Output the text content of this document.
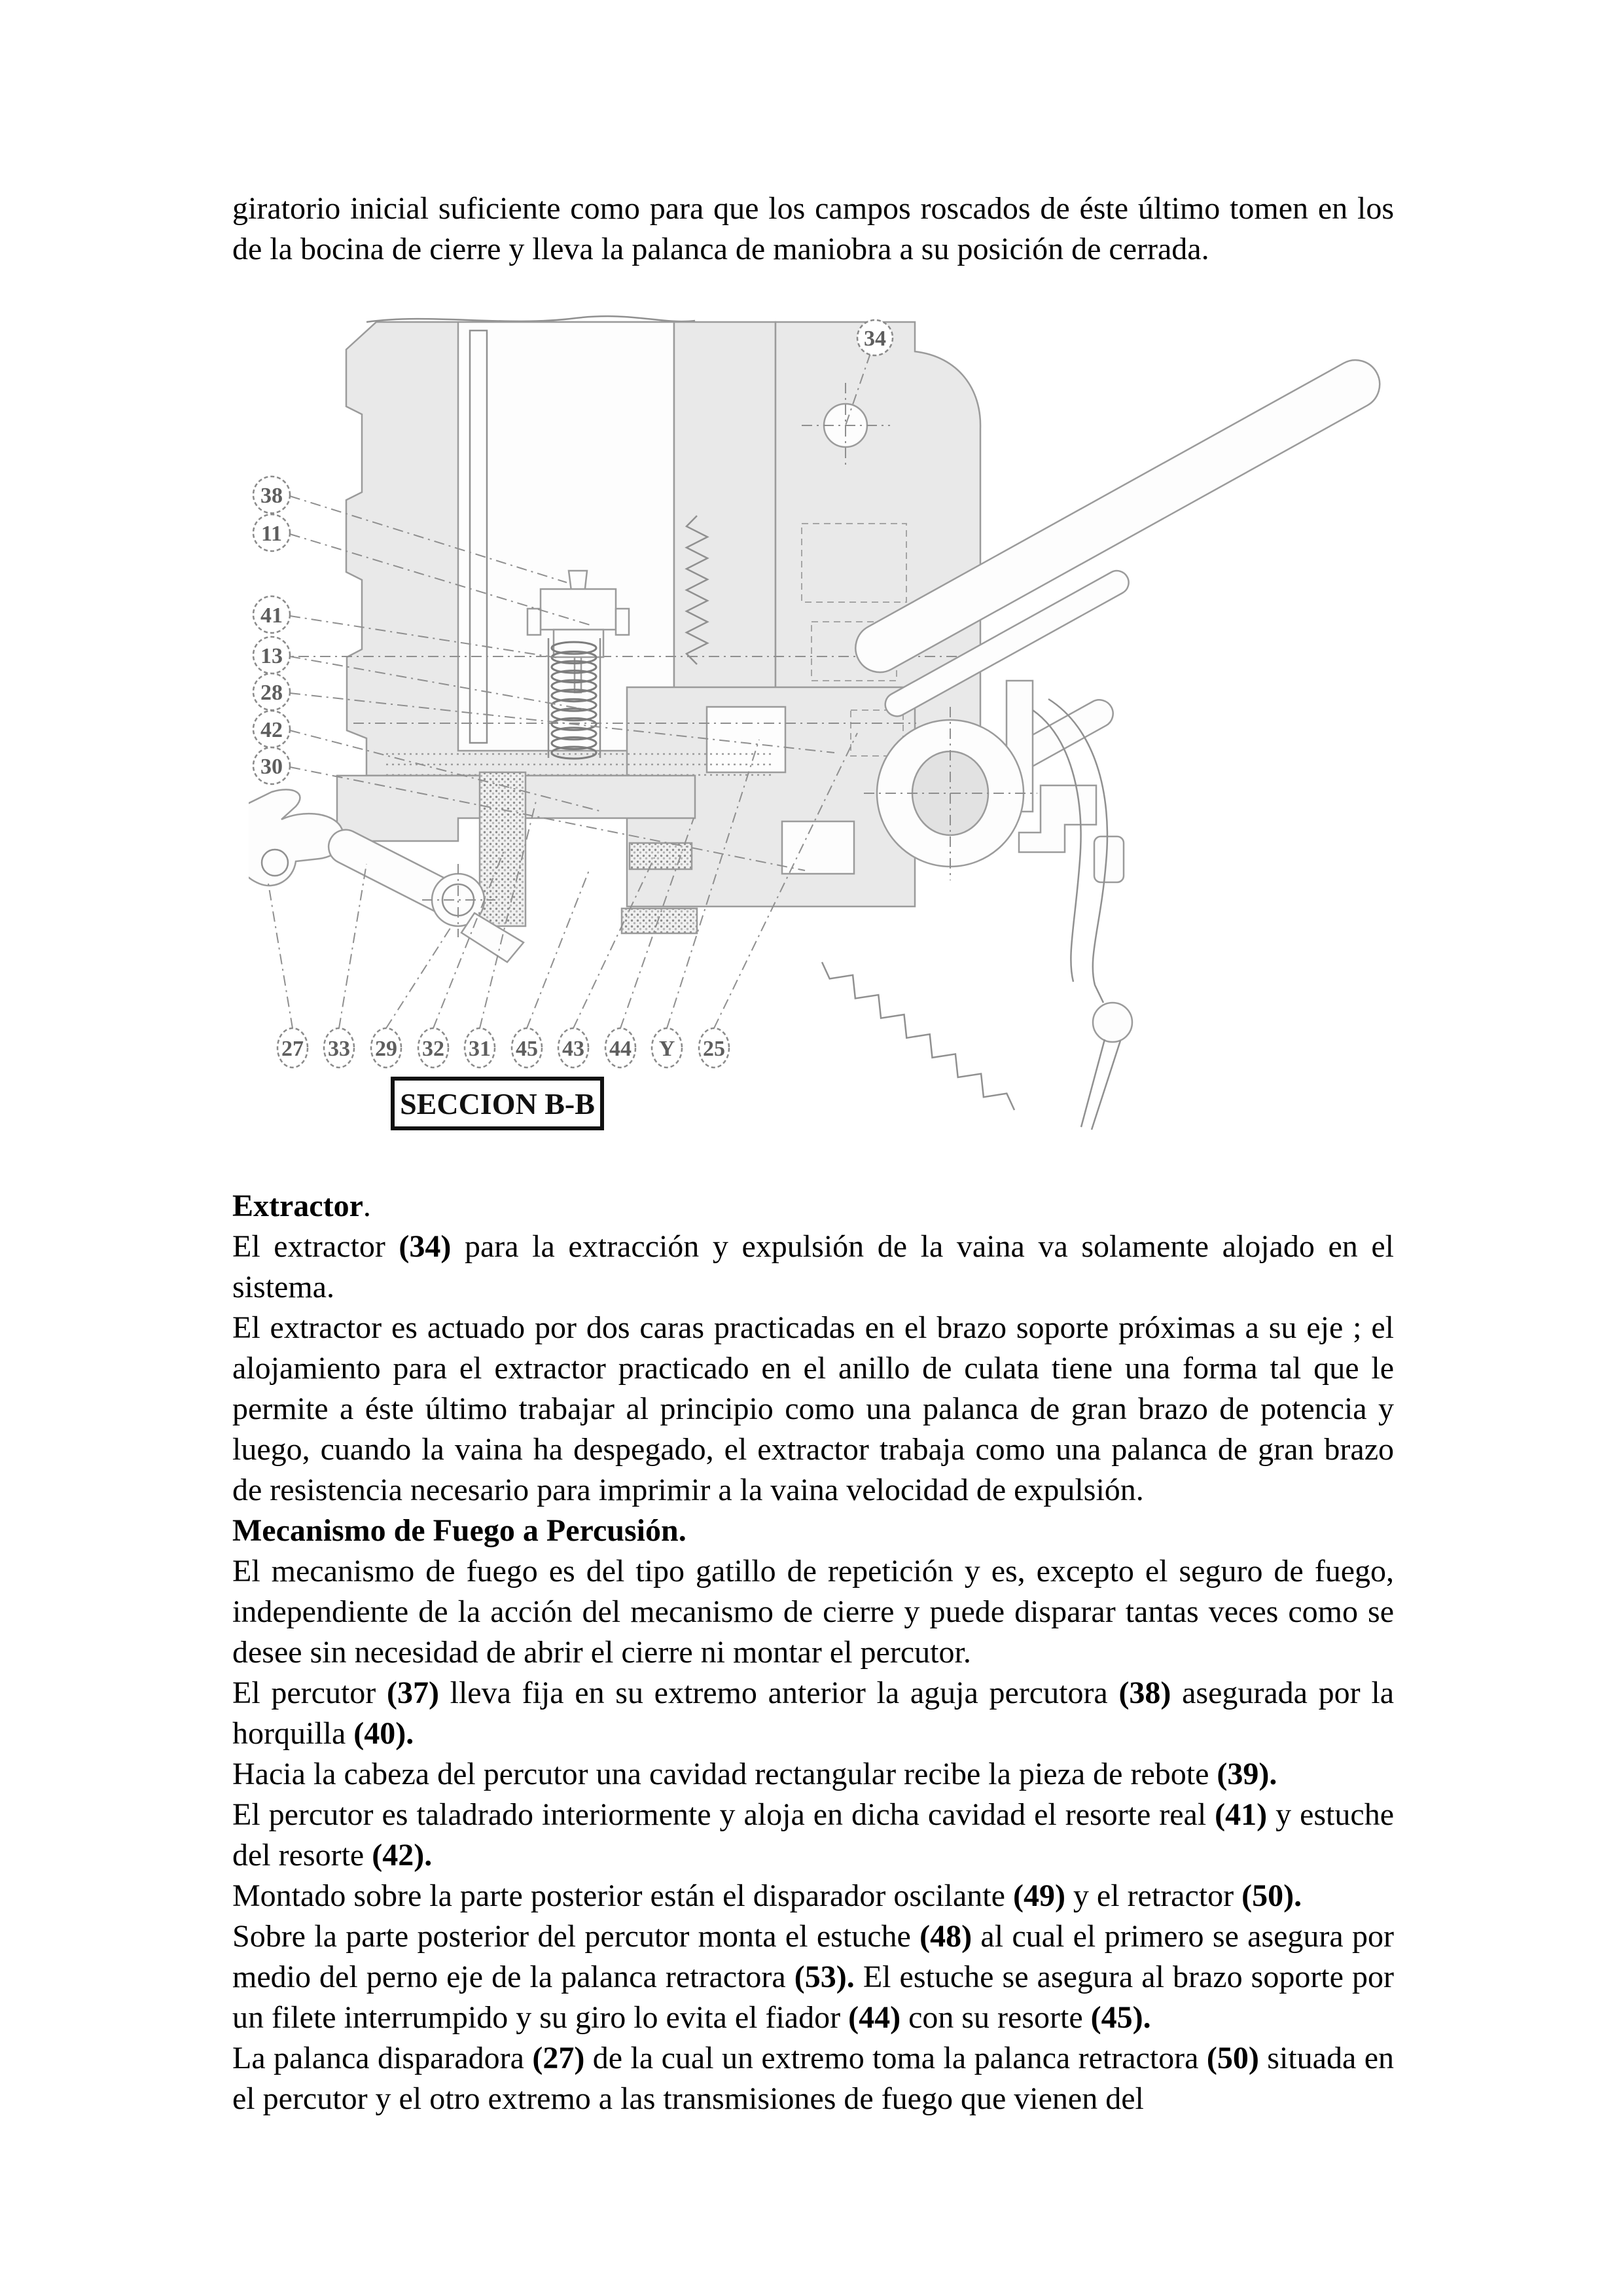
giratorio inicial suficiente como para que los campos roscados de éste último tomen en los de la bocina de cierre y lleva la palanca de maniobra a su posición de cerrada.

34
38
11
41
13
28
42
30
27 33 29 32 31 45 43 44 Y 25
SECCION B-B
Extractor.

El extractor (34) para la extracción y expulsión de la vaina va solamente alojado en el sistema.

El extractor es actuado por dos caras practicadas en el brazo soporte próximas a su eje ; el alojamiento para el extractor practicado en el anillo de culata tiene una forma tal que le permite a éste último trabajar al principio como una palanca de gran brazo de potencia y luego, cuando la vaina ha despegado, el extractor trabaja como una palanca de gran brazo de resistencia necesario para imprimir a la vaina velocidad de expulsión.

Mecanismo de Fuego a Percusión.

El mecanismo de fuego es del tipo gatillo de repetición y es, excepto el seguro de fuego, independiente de la acción del mecanismo de cierre y puede disparar tantas veces como se desee sin necesidad de abrir el cierre ni montar el percutor.

El percutor (37) lleva fija en su extremo anterior la aguja percutora (38) asegurada por la horquilla (40).

Hacia la cabeza del percutor una cavidad rectangular recibe la pieza de rebote (39).

El percutor es taladrado interiormente y aloja en dicha cavidad el resorte real (41) y estuche del resorte (42).

Montado sobre la parte posterior están el disparador oscilante (49) y el retractor (50).

Sobre la parte posterior del percutor monta el estuche (48) al cual el primero se asegura por medio del perno eje de la palanca retractora (53). El estuche se asegura al brazo soporte por un filete interrumpido y su giro lo evita el fiador (44) con su resorte (45).

La palanca disparadora (27) de la cual un extremo toma la palanca retractora (50) situada en el percutor y el otro extremo a las transmisiones de fuego que vienen del
